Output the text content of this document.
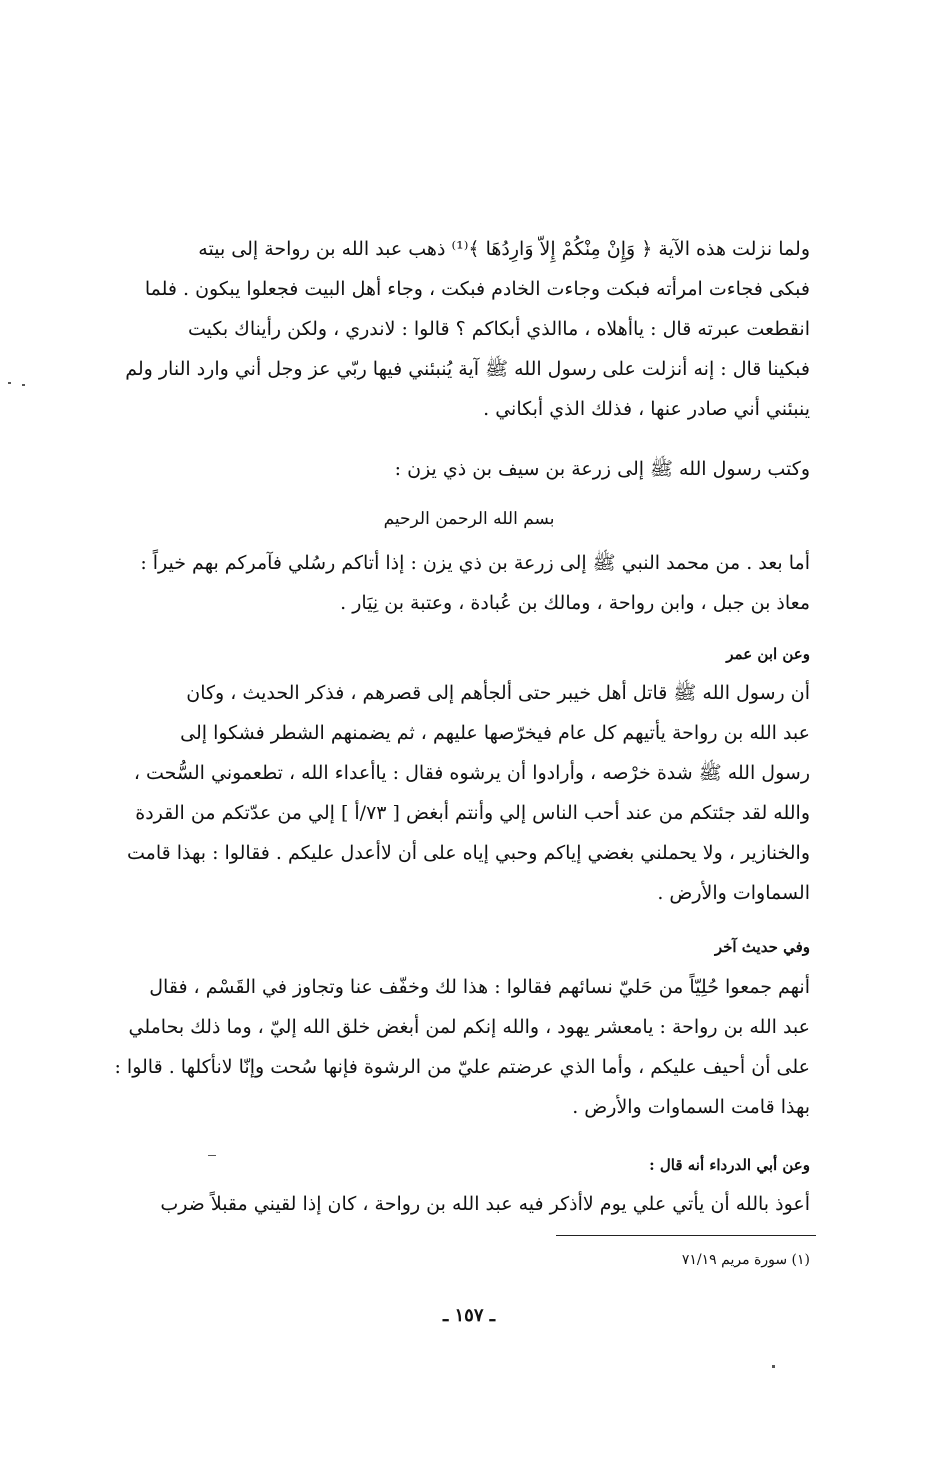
ولما نزلت هذه الآية ﴿ وَإِنْ مِنْكُمْ إِلاّ وَارِدُهَا ﴾⁽¹⁾ ذهب عبد الله بن رواحة إلى بيته
فبكى فجاءت امرأته فبكت وجاءت الخادم فبكت ، وجاء أهل البيت فجعلوا يبكون . فلما
انقطعت عبرته قال : ياأهلاه ، ماالذي أبكاكم ؟ قالوا : لاندري ، ولكن رأيناك بكيت
فبكينا قال : إنه أنزلت على رسول الله ﷺ آية يُنبئني فيها ربّي عز وجل أني وارد النار ولم
ينبئني أني صادر عنها ، فذلك الذي أبكاني .
وكتب رسول الله ﷺ إلى زرعة بن سيف بن ذي يزن :

بسم الله الرحمن الرحيم

أما بعد . من محمد النبي ﷺ إلى زرعة بن ذي يزن : إذا أتاكم رسُلي فآمركم بهم خيراً :
معاذ بن جبل ، وابن رواحة ، ومالك بن عُبادة ، وعتبة بن نِيَار .

وعن ابن عمر

أن رسول الله ﷺ قاتل أهل خيبر حتى ألجأهم إلى قصرهم ، فذكر الحديث ، وكان
عبد الله بن رواحة يأتيهم كل عام فيخرّصها عليهم ، ثم يضمنهم الشطر فشكوا إلى
رسول الله ﷺ شدة خرْصه ، وأرادوا أن يرشوه فقال : ياأعداء الله ، تطعموني السُّحت ،
والله لقد جئتكم من عند أحب الناس إلي وأنتم أبغض [ ٧٣/أ ] إلي من عدّتكم من القردة
والخنازير ، ولا يحملني بغضي إياكم وحبي إياه على أن لاأعدل عليكم . فقالوا : بهذا قامت
السماوات والأرض .

وفي حديث آخر

أنهم جمعوا حُلِيّاً من حَليّ نسائهم فقالوا : هذا لك وخفّف عنا وتجاوز في القَسْم ، فقال
عبد الله بن رواحة : يامعشر يهود ، والله إنكم لمن أبغض خلق الله إليّ ، وما ذلك بحاملي
على أن أحيف عليكم ، وأما الذي عرضتم عليّ من الرشوة فإنها سُحت وإنّا لانأكلها . قالوا :
بهذا قامت السماوات والأرض .

وعن أبي الدرداء أنه قال :

أعوذ بالله أن يأتي علي يوم لاأذكر فيه عبد الله بن رواحة ، كان إذا لقيني مقبلاً ضرب

(١) سورة مريم ٧١/١٩

ـ ١٥٧ ـ
